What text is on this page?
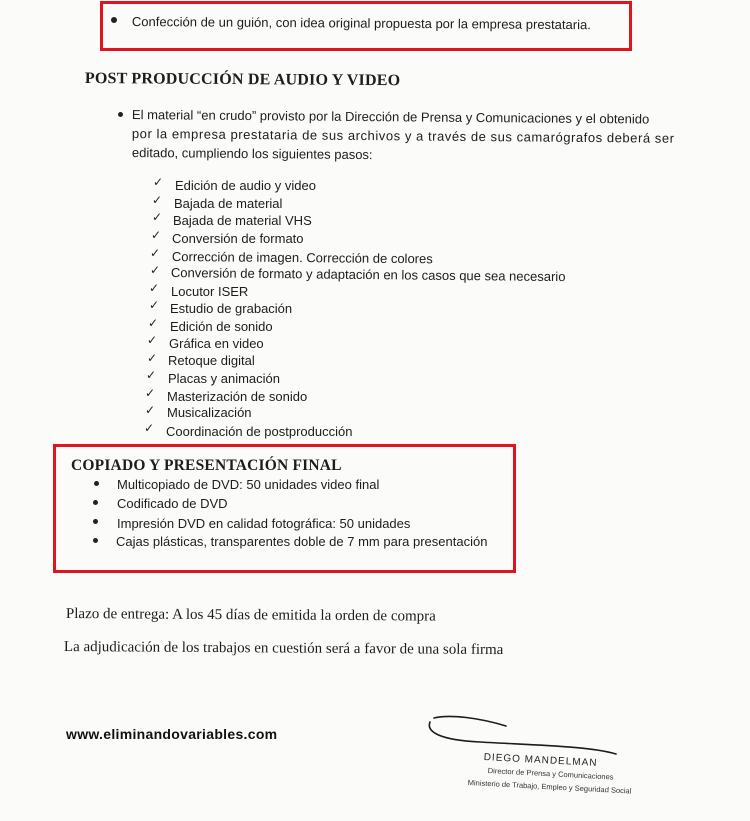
Confección de un guión, con idea original propuesta por la empresa prestataria.
POST PRODUCCIÓN DE AUDIO Y VIDEO
El material “en crudo” provisto por la Dirección de Prensa y Comunicaciones y el obtenido
por la empresa prestataria de sus archivos y a través de sus camarógrafos deberá ser
editado, cumpliendo los siguientes pasos:
✓ Edición de audio y video
✓ Bajada de material
✓ Bajada de material VHS
✓ Conversión de formato
✓ Corrección de imagen. Corrección de colores
✓ Conversión de formato y adaptación en los casos que sea necesario
✓ Locutor ISER
✓ Estudio de grabación
✓ Edición de sonido
✓ Gráfica en video
✓ Retoque digital
✓ Placas y animación
✓ Masterización de sonido
✓ Musicalización
✓ Coordinación de postproducción
COPIADO Y PRESENTACIÓN FINAL
Multicopiado de DVD: 50 unidades video final
Codificado de DVD
Impresión DVD en calidad fotográfica: 50 unidades
Cajas plásticas, transparentes doble de 7 mm para presentación
Plazo de entrega: A los 45 días de emitida la orden de compra
La adjudicación de los trabajos en cuestión será a favor de una sola firma
www.eliminandovariables.com
DIEGO MANDELMAN
Director de Prensa y Comunicaciones
Ministerio de Trabajo, Empleo y Seguridad Social
